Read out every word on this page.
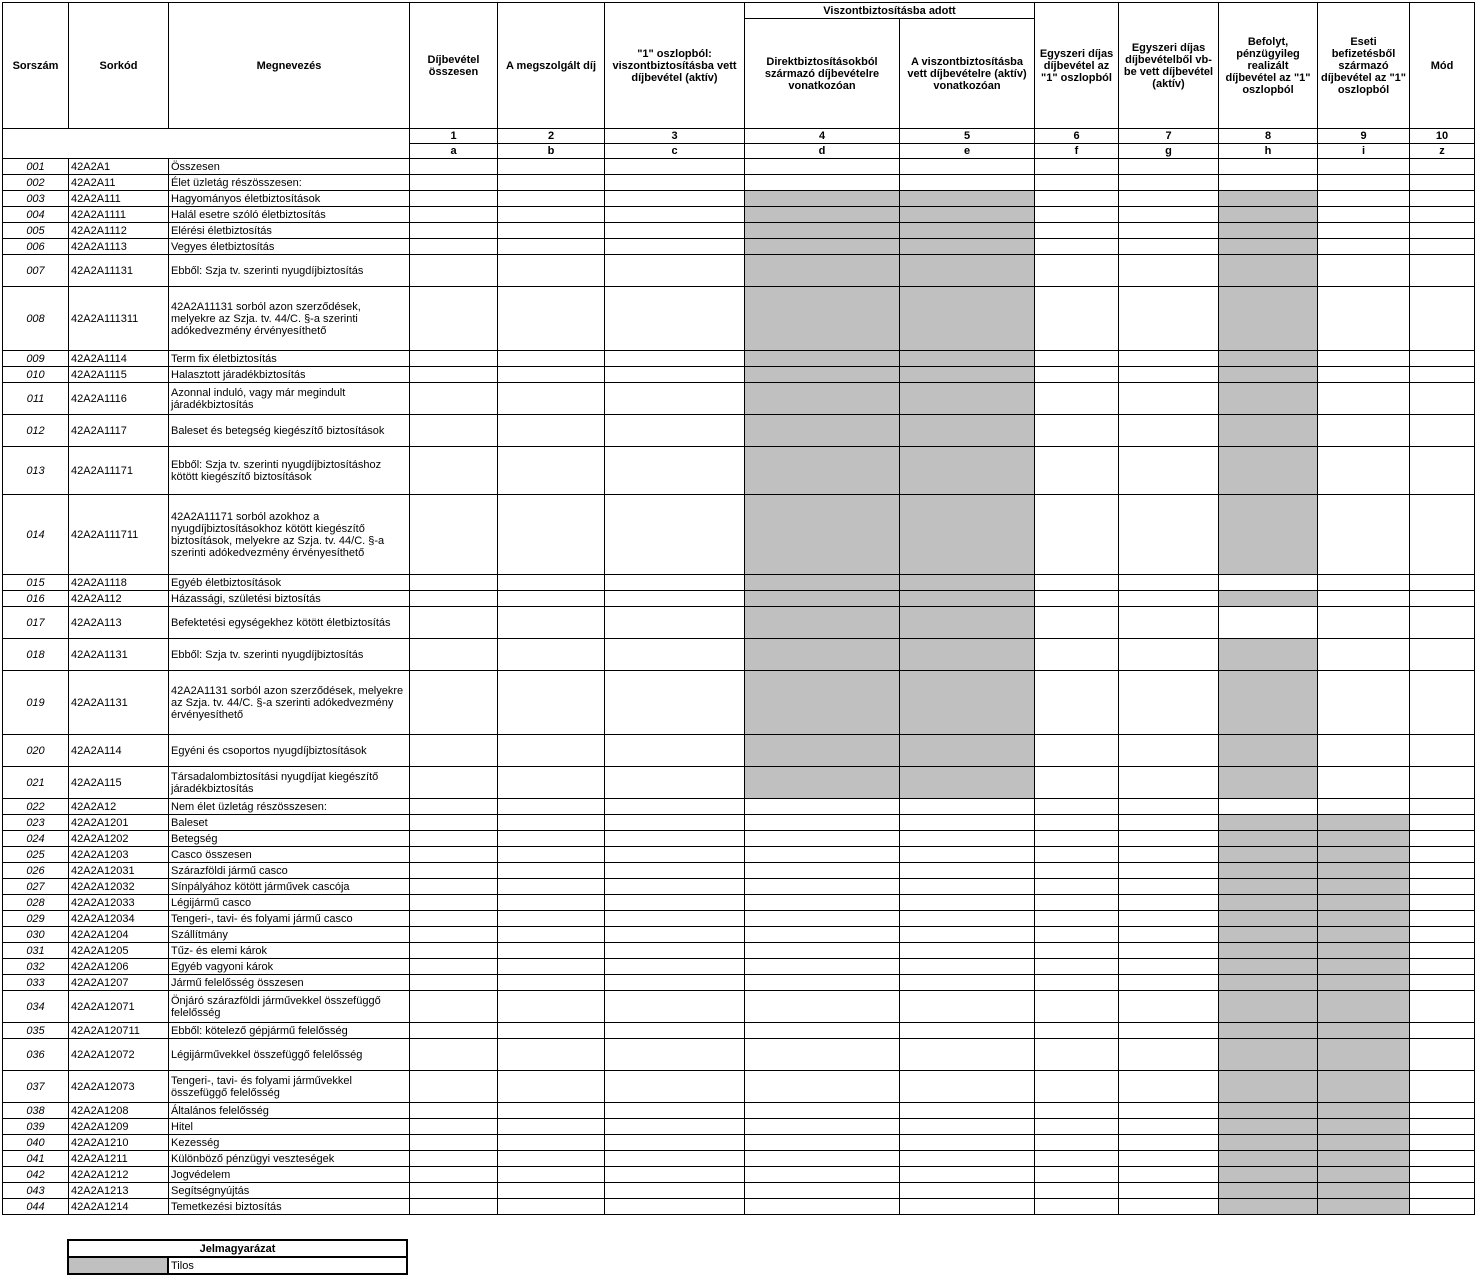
Sorszám	Sorkód	Megnevezés	Díjbevétel összesen	A megszolgált díj	"1" oszlopból: viszontbiztosításba vett díjbevétel (aktív)	Viszontbiztosításba adott		Egyszeri díjas díjbevétel az "1" oszlopból	Egyszeri díjas díjbevételből vb-be vett díjbevétel (aktív)	Befolyt, pénzügyileg realizált díjbevétel az "1" oszlopból	Eseti befizetésből származó díjbevétel az "1" oszlopból	Mód
						Direktbiztosításokból származó díjbevételre vonatkozóan	A viszontbiztosításba vett díjbevételre (aktív) vonatkozóan					
			1	2	3	4	5	6	7	8	9	10
			a	b	c	d	e	f	g	h	i	z
001	42A2A1	Összesen										
002	42A2A11	Élet üzletág részösszesen:										
003	42A2A111	Hagyományos életbiztosítások										
004	42A2A1111	Halál esetre szóló életbiztosítás										
005	42A2A1112	Elérési életbiztosítás										
006	42A2A1113	Vegyes életbiztosítás										
007	42A2A11131	Ebből: Szja tv. szerinti nyugdíjbiztosítás										
008	42A2A111311	42A2A11131 sorból azon szerződések, melyekre az Szja. tv. 44/C. §-a szerinti adókedvezmény érvényesíthető										
009	42A2A1114	Term fix életbiztosítás										
010	42A2A1115	Halasztott járadékbiztosítás										
011	42A2A1116	Azonnal induló, vagy már megindult járadékbiztosítás										
012	42A2A1117	Baleset és betegség kiegészítő biztosítások										
013	42A2A11171	Ebből: Szja tv. szerinti nyugdíjbiztosításhoz kötött kiegészítő biztosítások										
014	42A2A111711	42A2A11171 sorból azokhoz a nyugdíjbiztosításokhoz kötött kiegészítő biztosítások, melyekre az Szja. tv. 44/C. §-a szerinti adókedvezmény érvényesíthető										
015	42A2A1118	Egyéb életbiztosítások										
016	42A2A112	Házassági, születési biztosítás										
017	42A2A113	Befektetési egységekhez kötött életbiztosítás										
018	42A2A1131	Ebből: Szja tv. szerinti nyugdíjbiztosítás										
019	42A2A1131	42A2A1131 sorból azon szerződések, melyekre az Szja. tv. 44/C. §-a szerinti adókedvezmény érvényesíthető										
020	42A2A114	Egyéni és csoportos nyugdíjbiztosítások										
021	42A2A115	Társadalombiztosítási nyugdíjat kiegészítő járadékbiztosítás										
022	42A2A12	Nem élet üzletág részösszesen:										
023	42A2A1201	Baleset										
024	42A2A1202	Betegség										
025	42A2A1203	Casco összesen										
026	42A2A12031	Szárazföldi jármű casco										
027	42A2A12032	Sínpályához kötött járművek cascója										
028	42A2A12033	Légijármű casco										
029	42A2A12034	Tengeri-, tavi- és folyami jármű casco										
030	42A2A1204	Szállítmány										
031	42A2A1205	Tűz- és elemi károk										
032	42A2A1206	Egyéb vagyoni károk										
033	42A2A1207	Jármű felelősség összesen										
034	42A2A12071	Önjáró szárazföldi járművekkel összefüggő felelősség										
035	42A2A120711	Ebből: kötelező gépjármű felelősség										
036	42A2A12072	Légijárművekkel összefüggő felelősség										
037	42A2A12073	Tengeri-, tavi- és folyami járművekkel összefüggő felelősség										
038	42A2A1208	Általános felelősség										
039	42A2A1209	Hitel										
040	42A2A1210	Kezesség										
041	42A2A1211	Különböző pénzügyi veszteségek										
042	42A2A1212	Jogvédelem										
043	42A2A1213	Segítségnyújtás										
044	42A2A1214	Temetkezési biztosítás										
Jelmagyarázat
	Tilos
